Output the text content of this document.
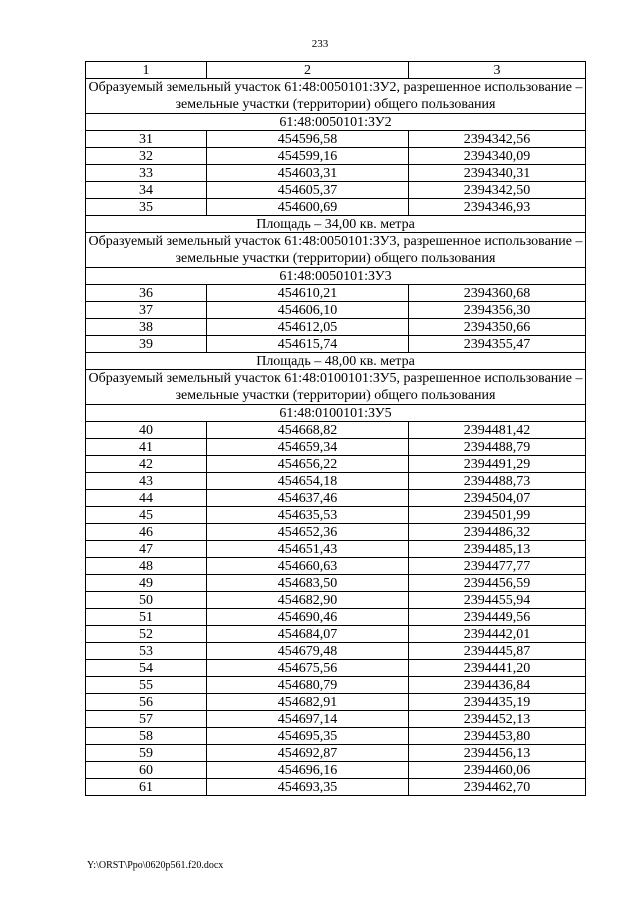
233
1	2	3
Образуемый земельный участок 61:48:0050101:ЗУ2, разрешенное использование – земельные участки (территории) общего пользования		
61:48:0050101:ЗУ2		
31	454596,58	2394342,56
32	454599,16	2394340,09
33	454603,31	2394340,31
34	454605,37	2394342,50
35	454600,69	2394346,93
Площадь – 34,00 кв. метра		
Образуемый земельный участок 61:48:0050101:ЗУ3, разрешенное использование – земельные участки (территории) общего пользования		
61:48:0050101:ЗУ3		
36	454610,21	2394360,68
37	454606,10	2394356,30
38	454612,05	2394350,66
39	454615,74	2394355,47
Площадь – 48,00 кв. метра		
Образуемый земельный участок 61:48:0100101:ЗУ5, разрешенное использование – земельные участки (территории) общего пользования		
61:48:0100101:ЗУ5		
40	454668,82	2394481,42
41	454659,34	2394488,79
42	454656,22	2394491,29
43	454654,18	2394488,73
44	454637,46	2394504,07
45	454635,53	2394501,99
46	454652,36	2394486,32
47	454651,43	2394485,13
48	454660,63	2394477,77
49	454683,50	2394456,59
50	454682,90	2394455,94
51	454690,46	2394449,56
52	454684,07	2394442,01
53	454679,48	2394445,87
54	454675,56	2394441,20
55	454680,79	2394436,84
56	454682,91	2394435,19
57	454697,14	2394452,13
58	454695,35	2394453,80
59	454692,87	2394456,13
60	454696,16	2394460,06
61	454693,35	2394462,70
Y:\ORST\Ppo\0620p561.f20.docx
